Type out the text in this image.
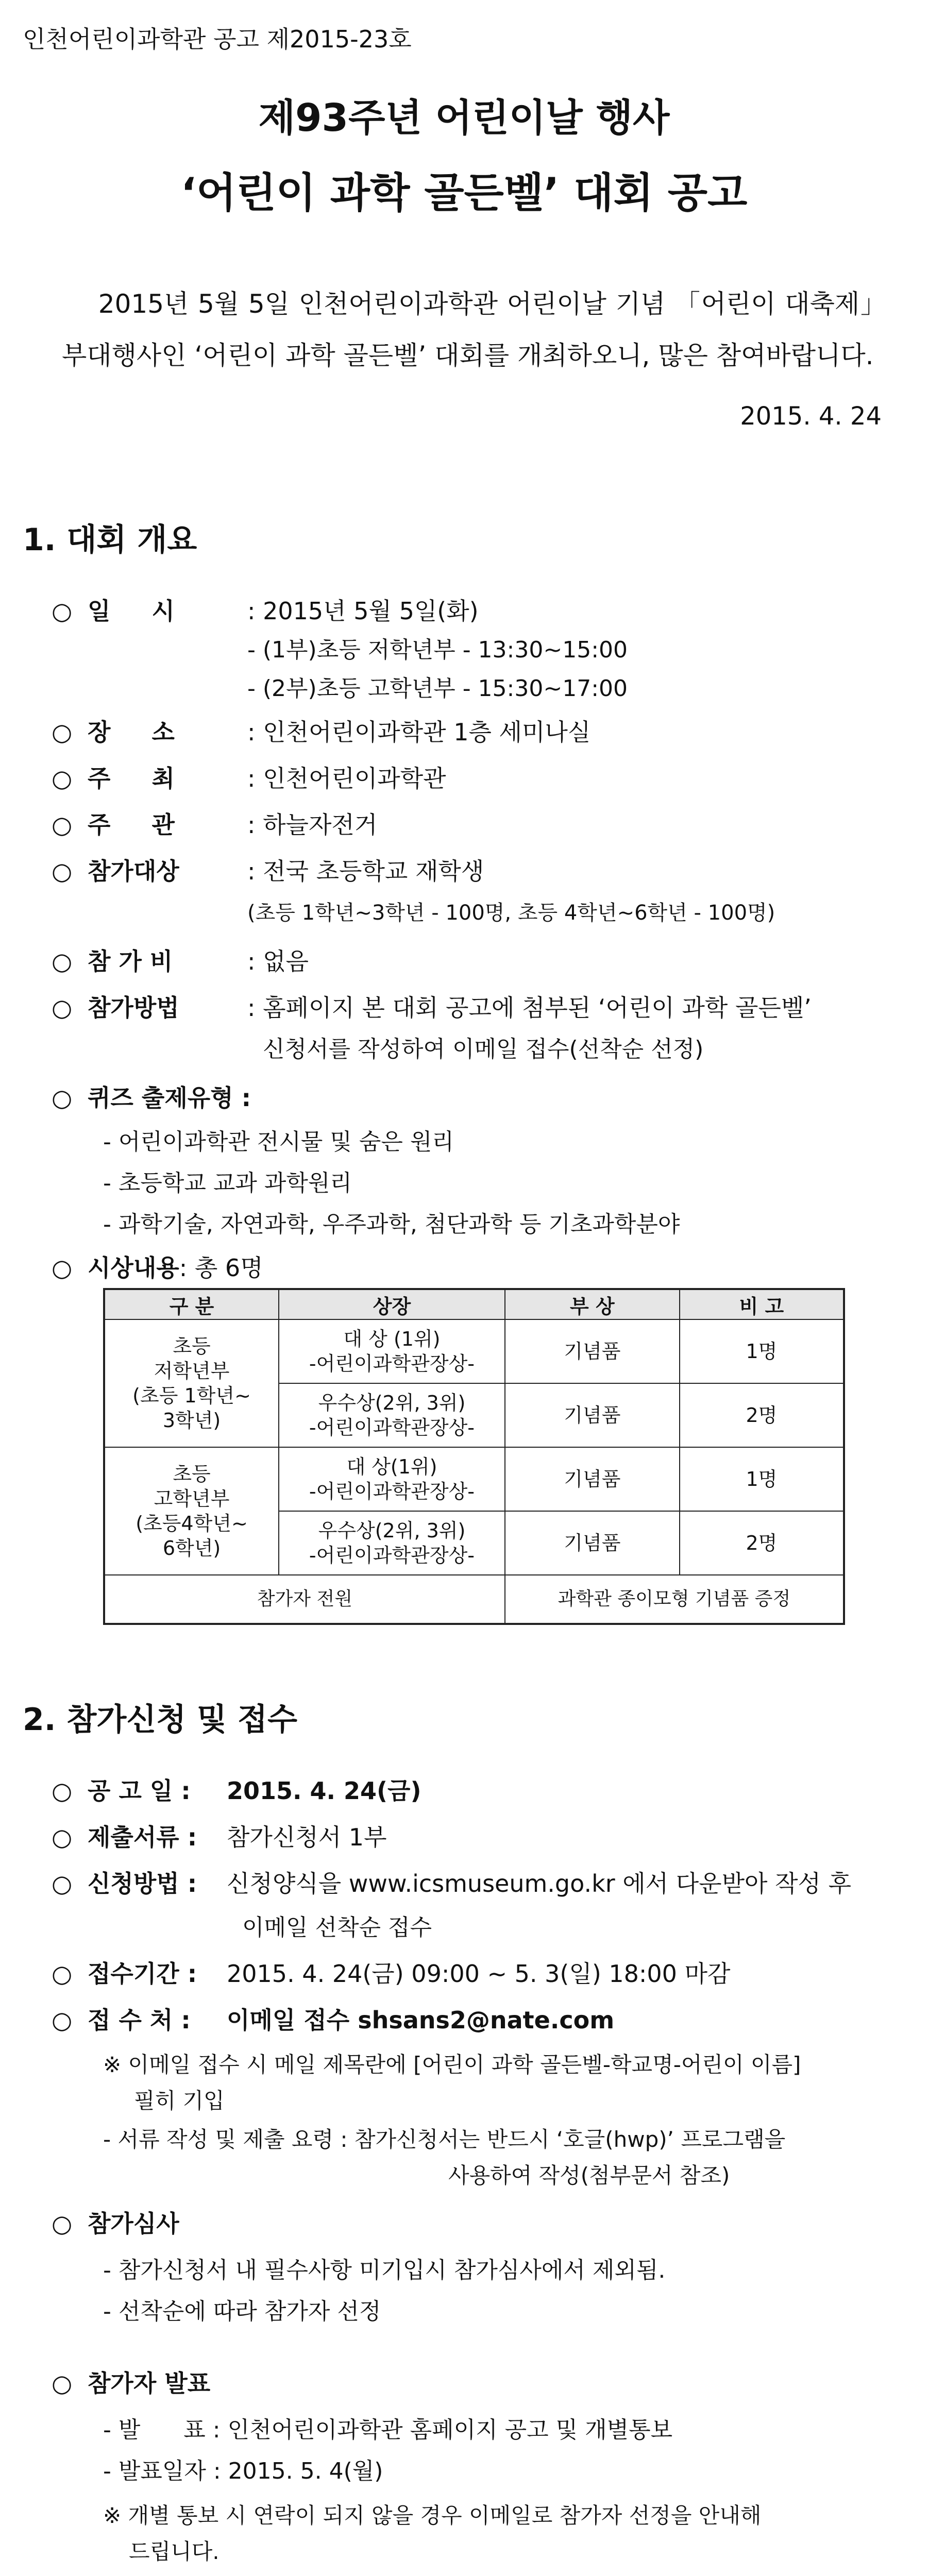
인천어린이과학관 공고 제2015-23호
제93주년 어린이날 행사
‘어린이 과학 골든벨’ 대회 공고
2015년 5월 5일 인천어린이과학관 어린이날 기념 「어린이 대축제」부대행사인 ‘어린이 과학 골든벨’ 대회를 개최하오니, 많은 참여바랍니다.
2015. 4. 24
1. 대회 개요
○ 일     시	: 2015년 5월 5일(화)
- (1부)초등 저학년부 - 13:30~15:00
- (2부)초등 고학년부 - 15:30~17:00
○ 장     소	: 인천어린이과학관 1층 세미나실
○ 주     최	: 인천어린이과학관
○ 주     관	: 하늘자전거
○ 참가대상	: 전국 초등학교 재학생
(초등 1학년~3학년 - 100명, 초등 4학년~6학년 - 100명)
○ 참 가 비	: 없음
○ 참가방법	: 홈페이지 본 대회 공고에 첨부된 ‘어린이 과학 골든벨’
신청서를 작성하여 이메일 접수(선착순 선정)
○ 퀴즈 출제유형 :
- 어린이과학관 전시물 및 숨은 원리
- 초등학교 교과 과학원리
- 과학기술, 자연과학, 우주과학, 첨단과학 등 기초과학분야
○ 시상내용: 총 6명
구 분	상장	부 상	비 고
초등
저학년부
(초등 1학년~
3학년)	대 상 (1위)
-어린이과학관장상-	기념품	1명
	우수상(2위, 3위)
-어린이과학관장상-	기념품	2명
초등
고학년부
(초등4학년~
6학년)	대 상(1위)
-어린이과학관장상-	기념품	1명
	우수상(2위, 3위)
-어린이과학관장상-	기념품	2명
참가자 전원		과학관 종이모형 기념품 증정	
2. 참가신청 및 접수
○ 공 고 일 : 2015. 4. 24(금)
○ 제출서류 : 참가신청서 1부
○ 신청방법 : 신청양식을 www.icsmuseum.go.kr 에서 다운받아 작성 후
이메일 선착순 접수
○ 접수기간 : 2015. 4. 24(금) 09:00 ~ 5. 3(일) 18:00 마감
○ 접 수 처 : 이메일 접수 shsans2@nate.com
※ 이메일 접수 시 메일 제목란에 [어린이 과학 골든벨-학교명-어린이 이름]
필히 기입
- 서류 작성 및 제출 요령 : 참가신청서는 반드시 ‘호글(hwp)’ 프로그램을
사용하여 작성(첨부문서 참조)
○ 참가심사
- 참가신청서 내 필수사항 미기입시 참가심사에서 제외됨.
- 선착순에 따라 참가자 선정
○ 참가자 발표
- 발      표 : 인천어린이과학관 홈페이지 공고 및 개별통보
- 발표일자 : 2015. 5. 4(월)
※ 개별 통보 시 연락이 되지 않을 경우 이메일로 참가자 선정을 안내해
드립니다.
